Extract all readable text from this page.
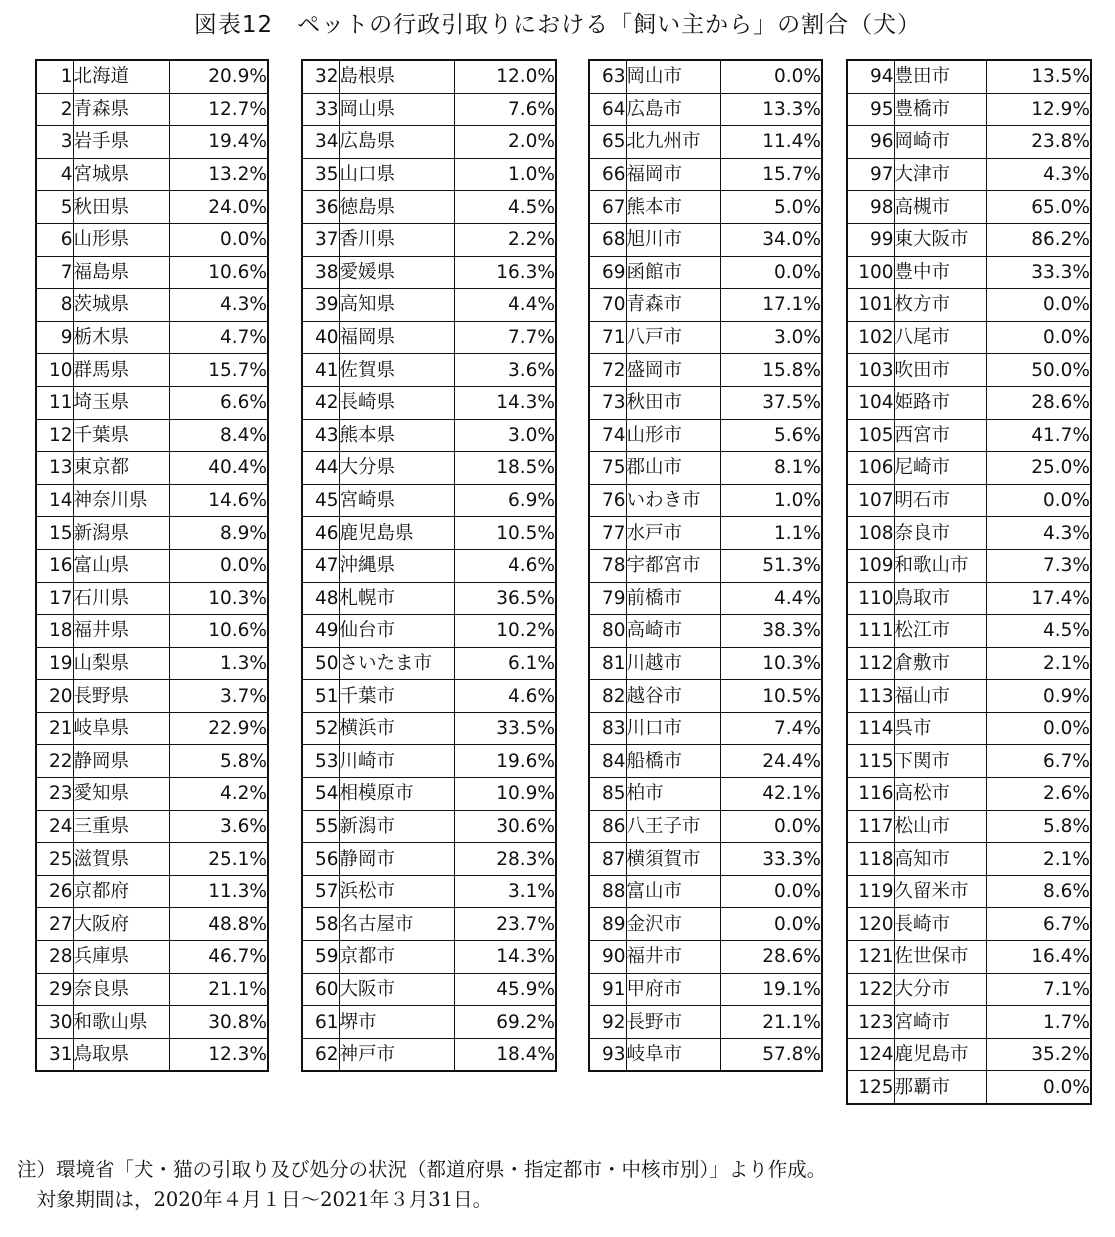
図表12　ペットの行政引取りにおける「飼い主から」の割合（犬）
1	北海道	20.9%
2	青森県	12.7%
3	岩手県	19.4%
4	宮城県	13.2%
5	秋田県	24.0%
6	山形県	0.0%
7	福島県	10.6%
8	茨城県	4.3%
9	栃木県	4.7%
10	群馬県	15.7%
11	埼玉県	6.6%
12	千葉県	8.4%
13	東京都	40.4%
14	神奈川県	14.6%
15	新潟県	8.9%
16	富山県	0.0%
17	石川県	10.3%
18	福井県	10.6%
19	山梨県	1.3%
20	長野県	3.7%
21	岐阜県	22.9%
22	静岡県	5.8%
23	愛知県	4.2%
24	三重県	3.6%
25	滋賀県	25.1%
26	京都府	11.3%
27	大阪府	48.8%
28	兵庫県	46.7%
29	奈良県	21.1%
30	和歌山県	30.8%
31	鳥取県	12.3%
32	島根県	12.0%
33	岡山県	7.6%
34	広島県	2.0%
35	山口県	1.0%
36	徳島県	4.5%
37	香川県	2.2%
38	愛媛県	16.3%
39	高知県	4.4%
40	福岡県	7.7%
41	佐賀県	3.6%
42	長崎県	14.3%
43	熊本県	3.0%
44	大分県	18.5%
45	宮崎県	6.9%
46	鹿児島県	10.5%
47	沖縄県	4.6%
48	札幌市	36.5%
49	仙台市	10.2%
50	さいたま市	6.1%
51	千葉市	4.6%
52	横浜市	33.5%
53	川崎市	19.6%
54	相模原市	10.9%
55	新潟市	30.6%
56	静岡市	28.3%
57	浜松市	3.1%
58	名古屋市	23.7%
59	京都市	14.3%
60	大阪市	45.9%
61	堺市	69.2%
62	神戸市	18.4%
63	岡山市	0.0%
64	広島市	13.3%
65	北九州市	11.4%
66	福岡市	15.7%
67	熊本市	5.0%
68	旭川市	34.0%
69	函館市	0.0%
70	青森市	17.1%
71	八戸市	3.0%
72	盛岡市	15.8%
73	秋田市	37.5%
74	山形市	5.6%
75	郡山市	8.1%
76	いわき市	1.0%
77	水戸市	1.1%
78	宇都宮市	51.3%
79	前橋市	4.4%
80	高崎市	38.3%
81	川越市	10.3%
82	越谷市	10.5%
83	川口市	7.4%
84	船橋市	24.4%
85	柏市	42.1%
86	八王子市	0.0%
87	横須賀市	33.3%
88	富山市	0.0%
89	金沢市	0.0%
90	福井市	28.6%
91	甲府市	19.1%
92	長野市	21.1%
93	岐阜市	57.8%
94	豊田市	13.5%
95	豊橋市	12.9%
96	岡崎市	23.8%
97	大津市	4.3%
98	高槻市	65.0%
99	東大阪市	86.2%
100	豊中市	33.3%
101	枚方市	0.0%
102	八尾市	0.0%
103	吹田市	50.0%
104	姫路市	28.6%
105	西宮市	41.7%
106	尼崎市	25.0%
107	明石市	0.0%
108	奈良市	4.3%
109	和歌山市	7.3%
110	鳥取市	17.4%
111	松江市	4.5%
112	倉敷市	2.1%
113	福山市	0.9%
114	呉市	0.0%
115	下関市	6.7%
116	高松市	2.6%
117	松山市	5.8%
118	高知市	2.1%
119	久留米市	8.6%
120	長崎市	6.7%
121	佐世保市	16.4%
122	大分市	7.1%
123	宮崎市	1.7%
124	鹿児島市	35.2%
125	那覇市	0.0%
注）環境省「犬・猫の引取り及び処分の状況（都道府県・指定都市・中核市別）」より作成。
　対象期間は，2020年４月１日～2021年３月31日。
